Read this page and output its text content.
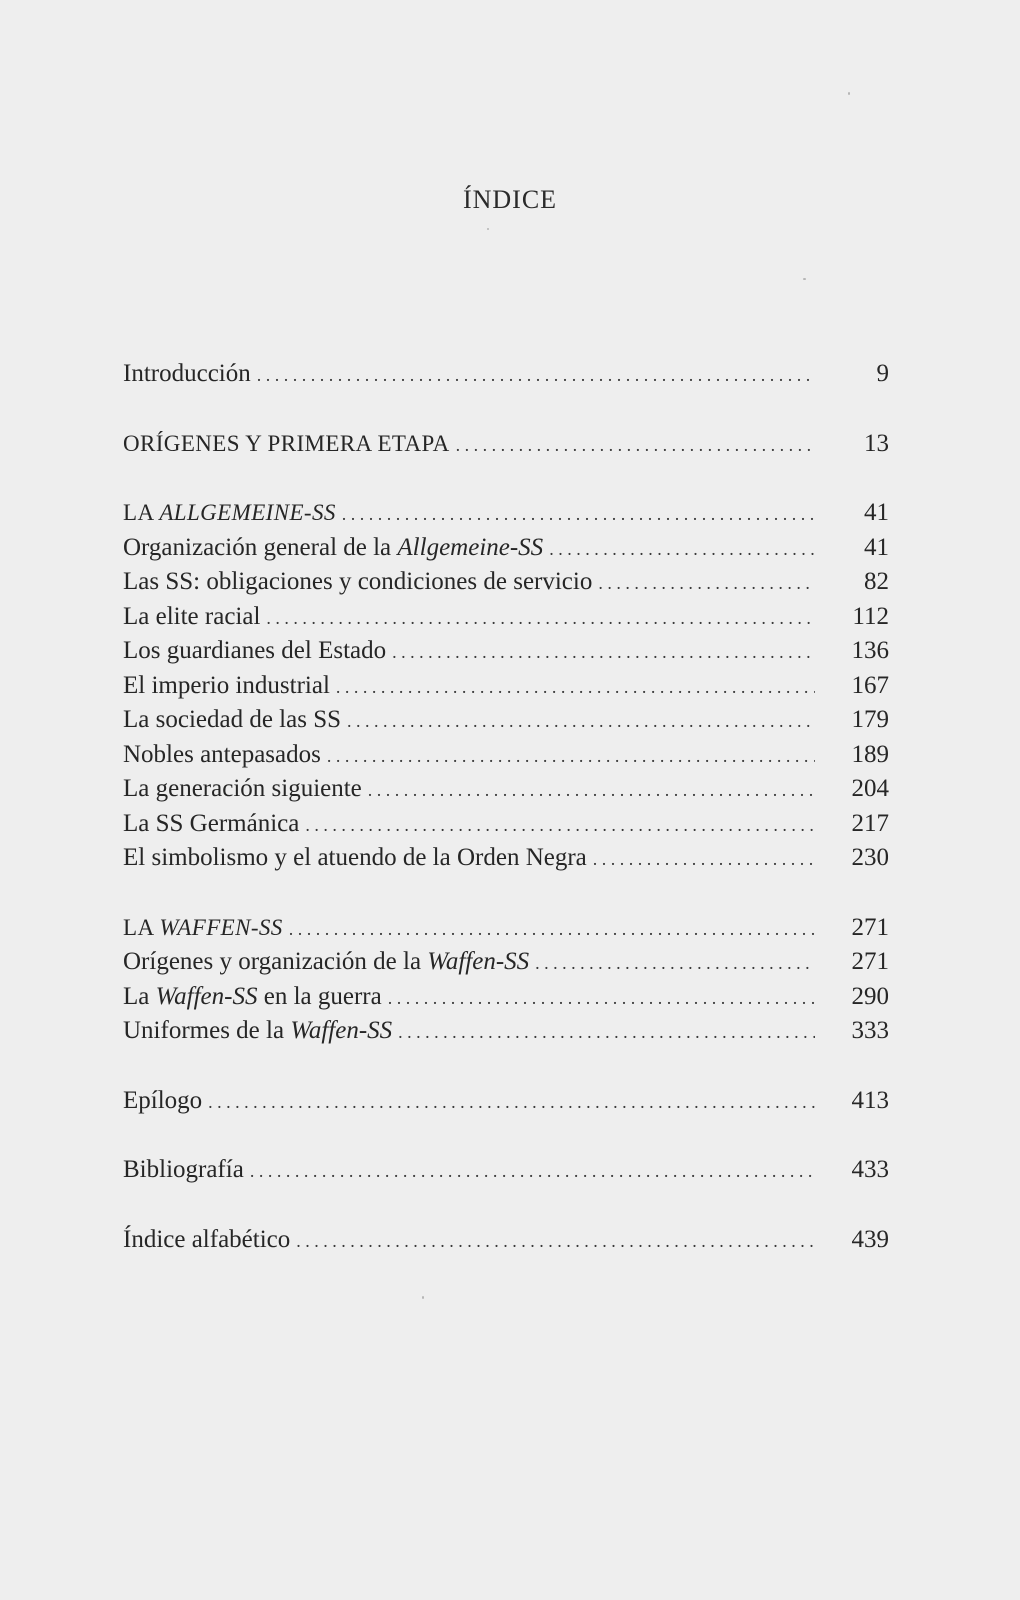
ÍNDICE
Introducción . . .	9
ORÍGENES Y PRIMERA ETAPA . . .	13
LA ALLGEMEINE-SS . . .	41
Organización general de la Allgemeine-SS . . .	41
Las SS: obligaciones y condiciones de servicio . . .	82
La elite racial . . .	112
Los guardianes del Estado . . .	136
El imperio industrial . . .	167
La sociedad de las SS . . .	179
Nobles antepasados . . .	189
La generación siguiente . . .	204
La SS Germánica . . .	217
El simbolismo y el atuendo de la Orden Negra . . .	230
LA WAFFEN-SS . . .	271
Orígenes y organización de la Waffen-SS . . .	271
La Waffen-SS en la guerra . . .	290
Uniformes de la Waffen-SS . . .	333
Epílogo . . .	413
Bibliografía . . .	433
Índice alfabético . . .	439
